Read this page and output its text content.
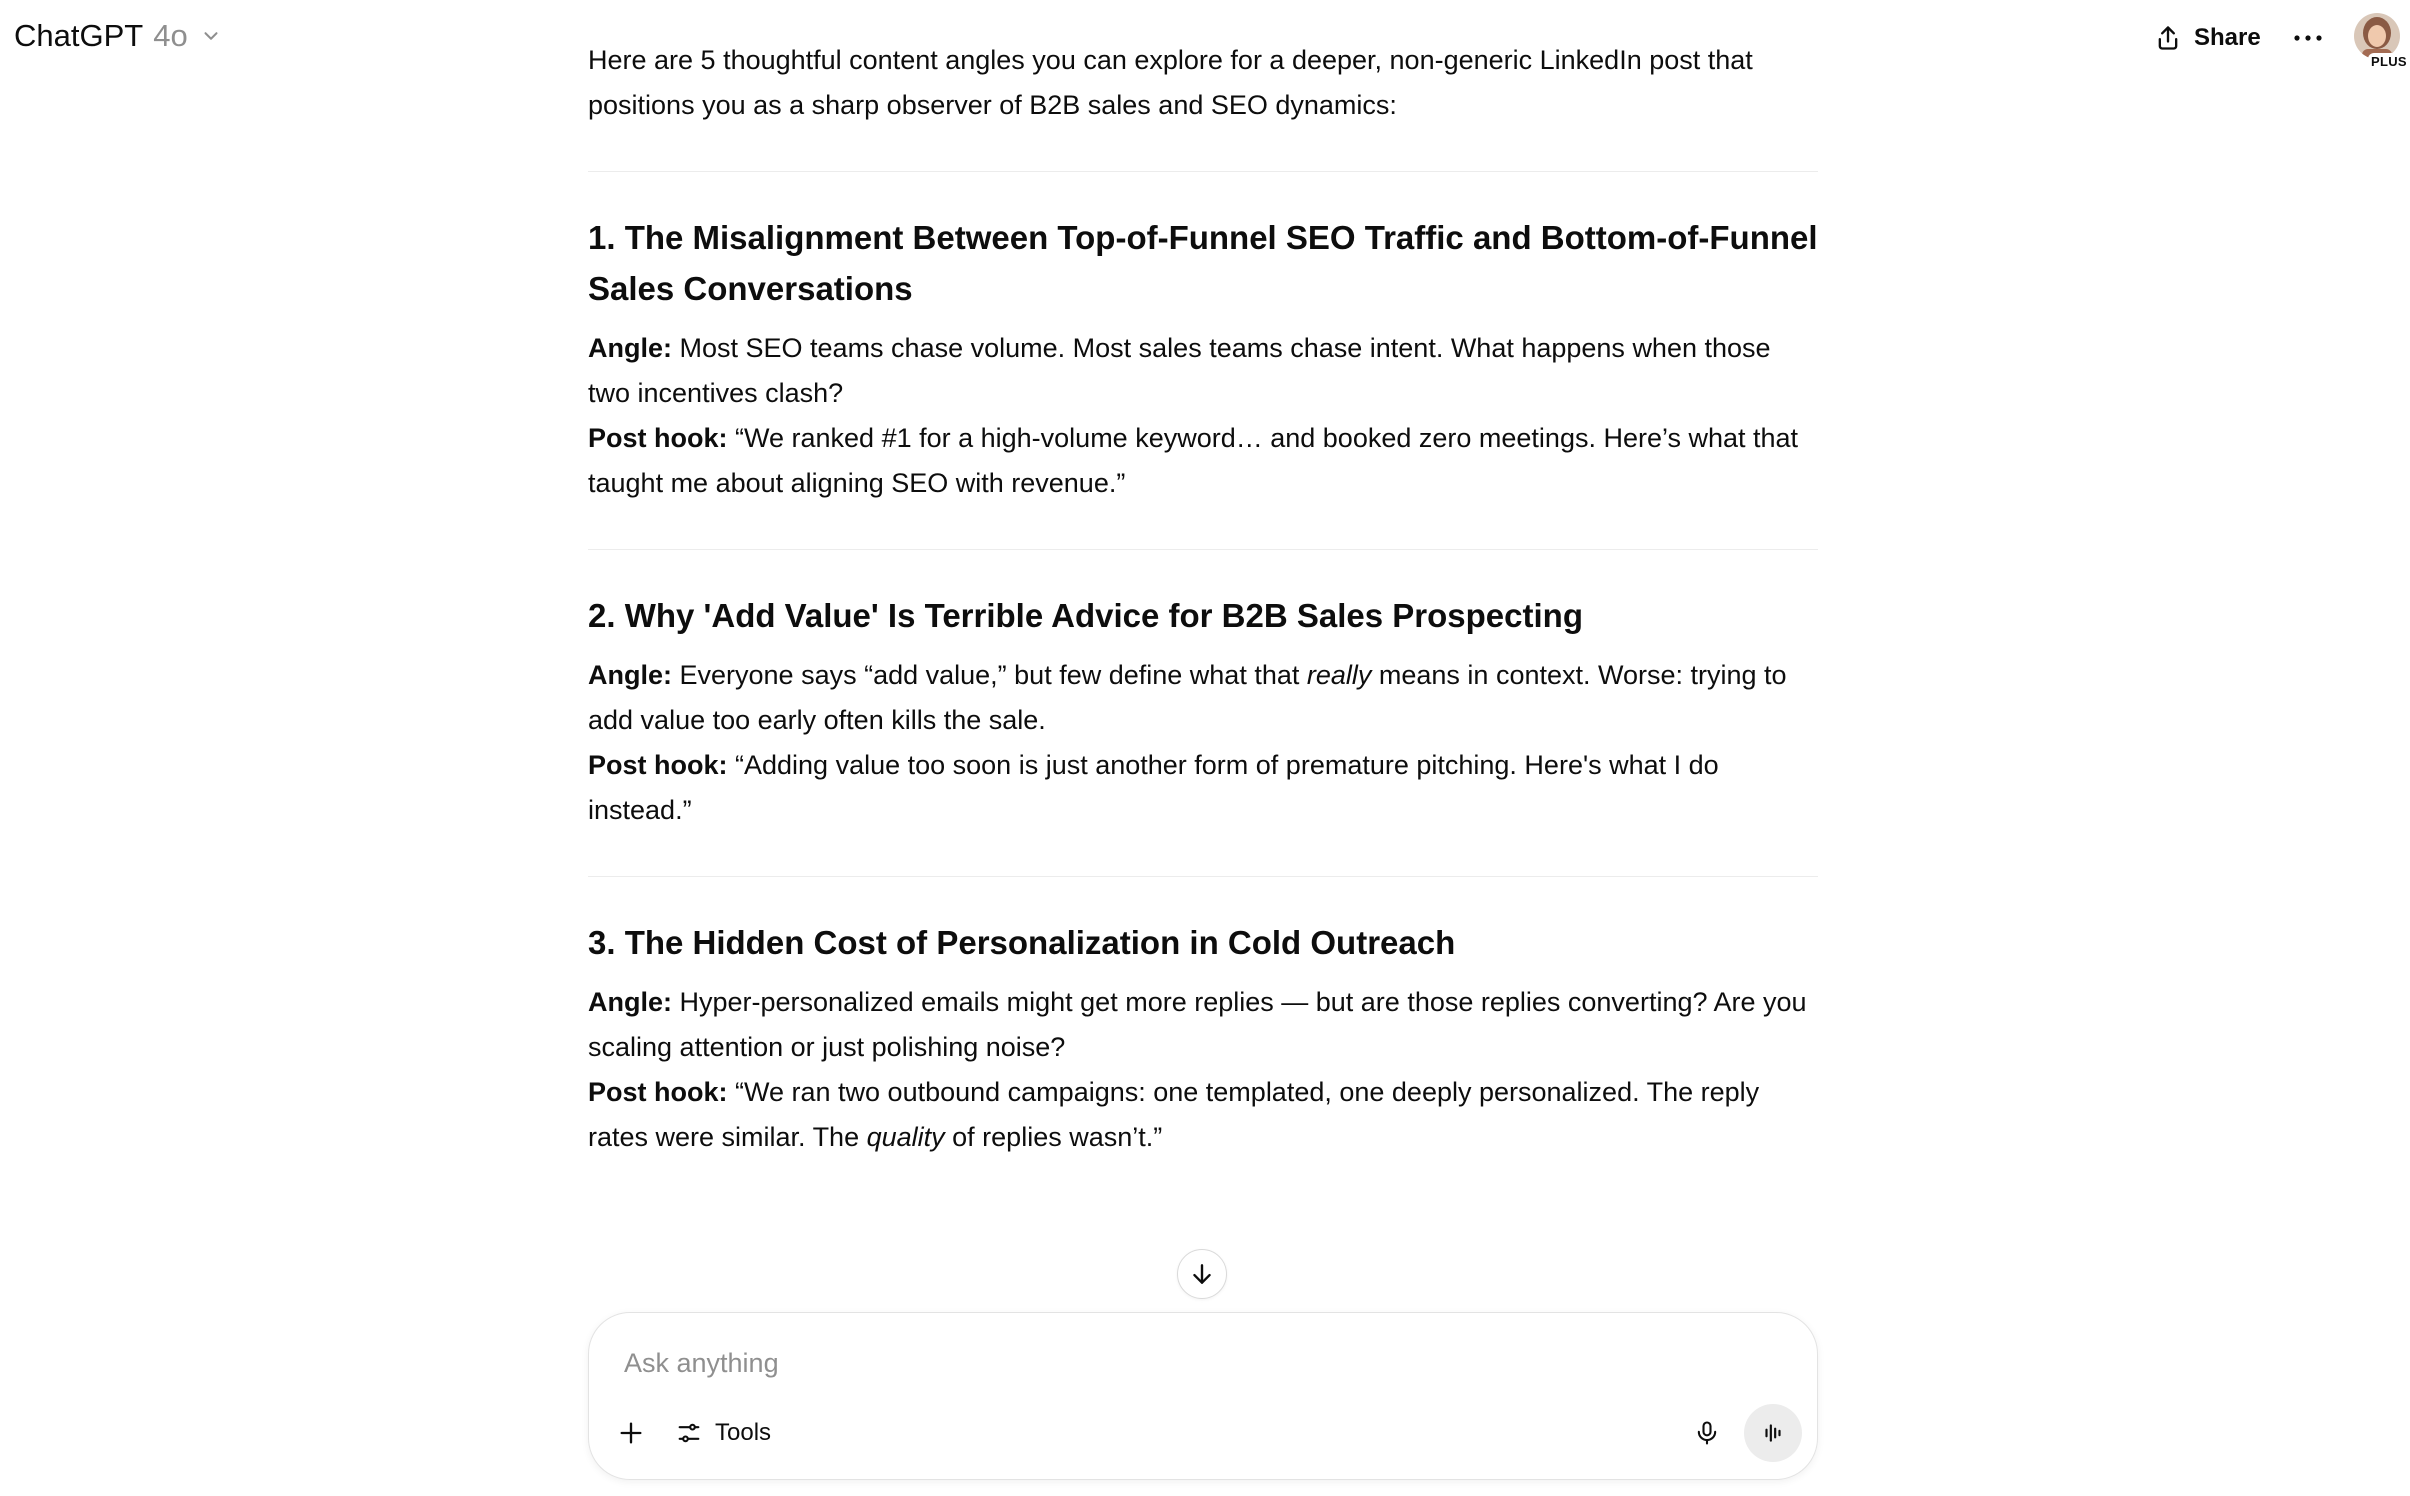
ChatGPT 4o	Share
PLUS

Here are 5 thoughtful content angles you can explore for a deeper, non-generic LinkedIn post that positions you as a sharp observer of B2B sales and SEO dynamics:

1. The Misalignment Between Top-of-Funnel SEO Traffic and Bottom-of-Funnel Sales Conversations

Angle: Most SEO teams chase volume. Most sales teams chase intent. What happens when those two incentives clash?

Post hook: “We ranked #1 for a high-volume keyword… and booked zero meetings. Here’s what that taught me about aligning SEO with revenue.”

2. Why 'Add Value' Is Terrible Advice for B2B Sales Prospecting

Angle: Everyone says “add value,” but few define what that really means in context. Worse: trying to add value too early often kills the sale.

Post hook: “Adding value too soon is just another form of premature pitching. Here's what I do instead.”

3. The Hidden Cost of Personalization in Cold Outreach

Angle: Hyper-personalized emails might get more replies — but are those replies converting? Are you scaling attention or just polishing noise?

Post hook: “We ran two outbound campaigns: one templated, one deeply personalized. The reply rates were similar. The quality of replies wasn’t.”

Ask anything
Tools
